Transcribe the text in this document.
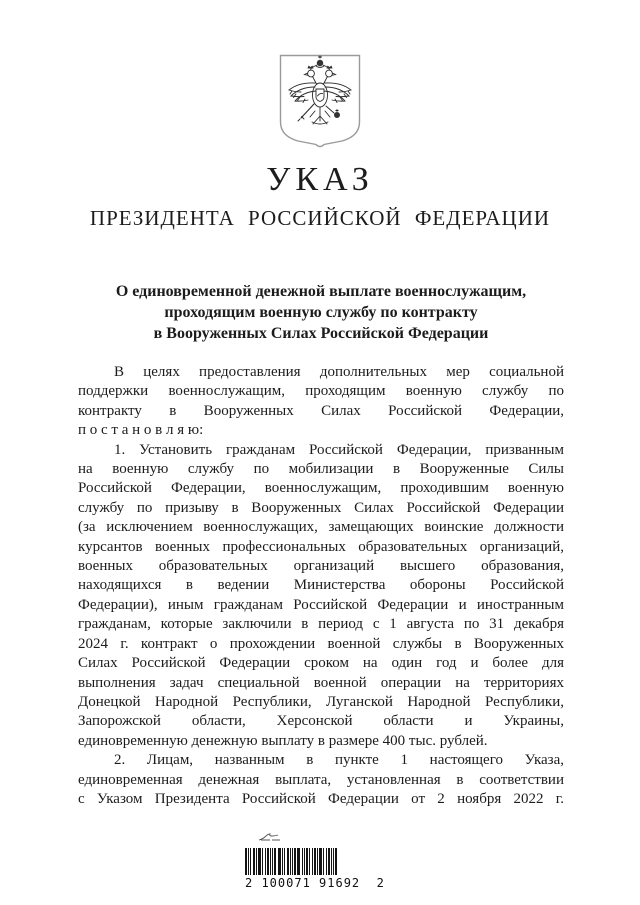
УКАЗ
ПРЕЗИДЕНТА РОССИЙСКОЙ ФЕДЕРАЦИИ
О единовременной денежной выплате военнослужащим,
проходящим военную службу по контракту
в Вооруженных Силах Российской Федерации
В целях предоставления дополнительных мер социальной
поддержки военнослужащим, проходящим военную службу по
контракту в Вооруженных Силах Российской Федерации,
п о с т а н о в л я ю:
1. Установить гражданам Российской Федерации, призванным
на военную службу по мобилизации в Вооруженные Силы
Российской Федерации, военнослужащим, проходившим военную
службу по призыву в Вооруженных Силах Российской Федерации
(за исключением военнослужащих, замещающих воинские должности
курсантов военных профессиональных образовательных организаций,
военных образовательных организаций высшего образования,
находящихся в ведении Министерства обороны Российской
Федерации), иным гражданам Российской Федерации и иностранным
гражданам, которые заключили в период с 1 августа по 31 декабря
2024 г. контракт о прохождении военной службы в Вооруженных
Силах Российской Федерации сроком на один год и более для
выполнения задач специальной военной операции на территориях
Донецкой Народной Республики, Луганской Народной Республики,
Запорожской области, Херсонской области и Украины,
единовременную денежную выплату в размере 400 тыс. рублей.
2. Лицам, названным в пункте 1 настоящего Указа,
единовременная денежная выплата, установленная в соответствии
с Указом Президента Российской Федерации от 2 ноября 2022 г.
2 100071 91692  2
